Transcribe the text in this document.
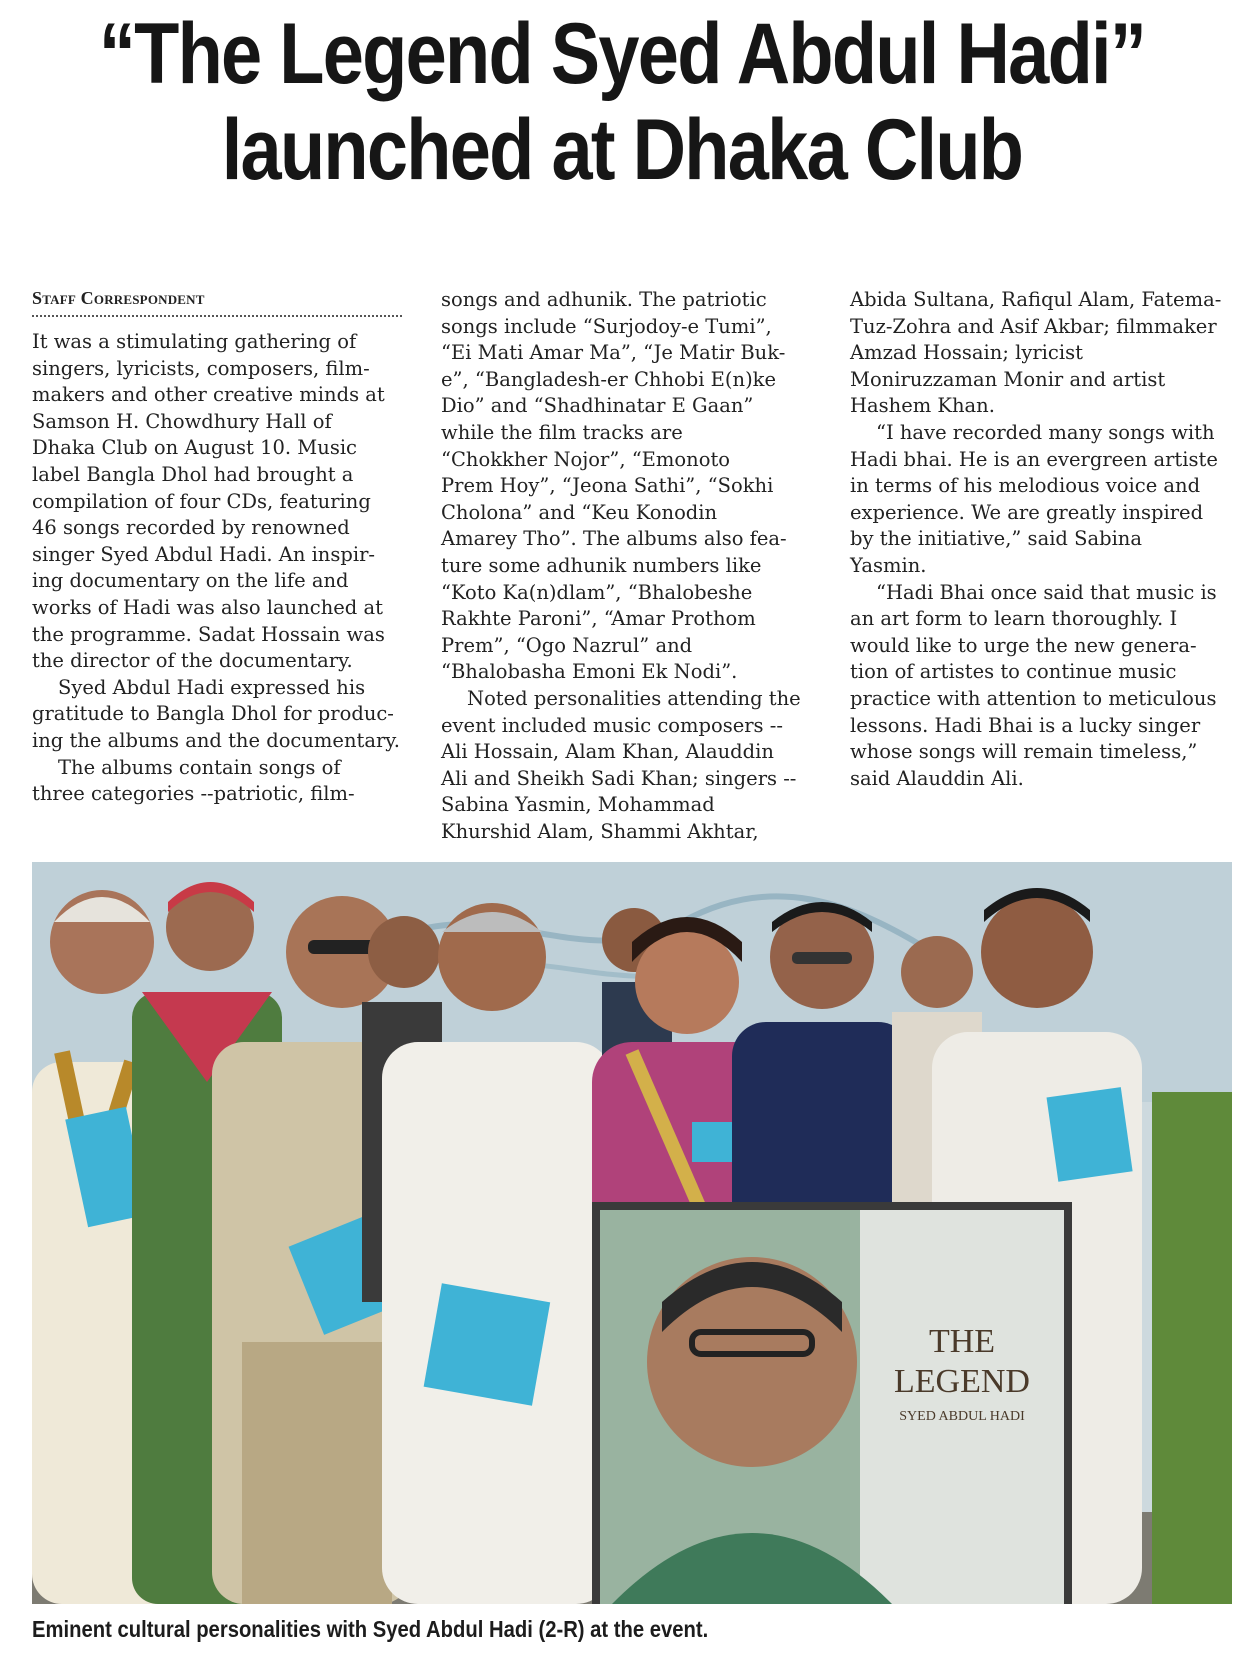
“The Legend Syed Abdul Hadi”
launched at Dhaka Club
Staff Correspondent

It was a stimulating gathering of
singers, lyricists, composers, film-
makers and other creative minds at
Samson H. Chowdhury Hall of
Dhaka Club on August 10. Music
label Bangla Dhol had brought a
compilation of four CDs, featuring
46 songs recorded by renowned
singer Syed Abdul Hadi. An inspir-
ing documentary on the life and
works of Hadi was also launched at
the programme. Sadat Hossain was
the director of the documentary.

Syed Abdul Hadi expressed his
gratitude to Bangla Dhol for produc-
ing the albums and the documentary.

The albums contain songs of
three categories --patriotic, film-

songs and adhunik. The patriotic
songs include “Surjodoy-e Tumi”,
“Ei Mati Amar Ma”, “Je Matir Buk-
e”, “Bangladesh-er Chhobi E(n)ke
Dio” and “Shadhinatar E Gaan”
while the film tracks are
“Chokkher Nojor”, “Emonoto
Prem Hoy”, “Jeona Sathi”, “Sokhi
Cholona” and “Keu Konodin
Amarey Tho”. The albums also fea-
ture some adhunik numbers like
“Koto Ka(n)dlam”, “Bhalobeshe
Rakhte Paroni”, “Amar Prothom
Prem”, “Ogo Nazrul” and
“Bhalobasha Emoni Ek Nodi”.

Noted personalities attending the
event included music composers --
Ali Hossain, Alam Khan, Alauddin
Ali and Sheikh Sadi Khan; singers --
Sabina Yasmin, Mohammad
Khurshid Alam, Shammi Akhtar,

Abida Sultana, Rafiqul Alam, Fatema-
Tuz-Zohra and Asif Akbar; filmmaker
Amzad Hossain; lyricist
Moniruzzaman Monir and artist
Hashem Khan.

“I have recorded many songs with
Hadi bhai. He is an evergreen artiste
in terms of his melodious voice and
experience. We are greatly inspired
by the initiative,” said Sabina
Yasmin.

“Hadi Bhai once said that music is
an art form to learn thoroughly. I
would like to urge the new genera-
tion of artistes to continue music
practice with attention to meticulous
lessons. Hadi Bhai is a lucky singer
whose songs will remain timeless,”
said Alauddin Ali.

THE
LEGEND
SYED ABDUL HADI

Eminent cultural personalities with Syed Abdul Hadi (2-R) at the event.
